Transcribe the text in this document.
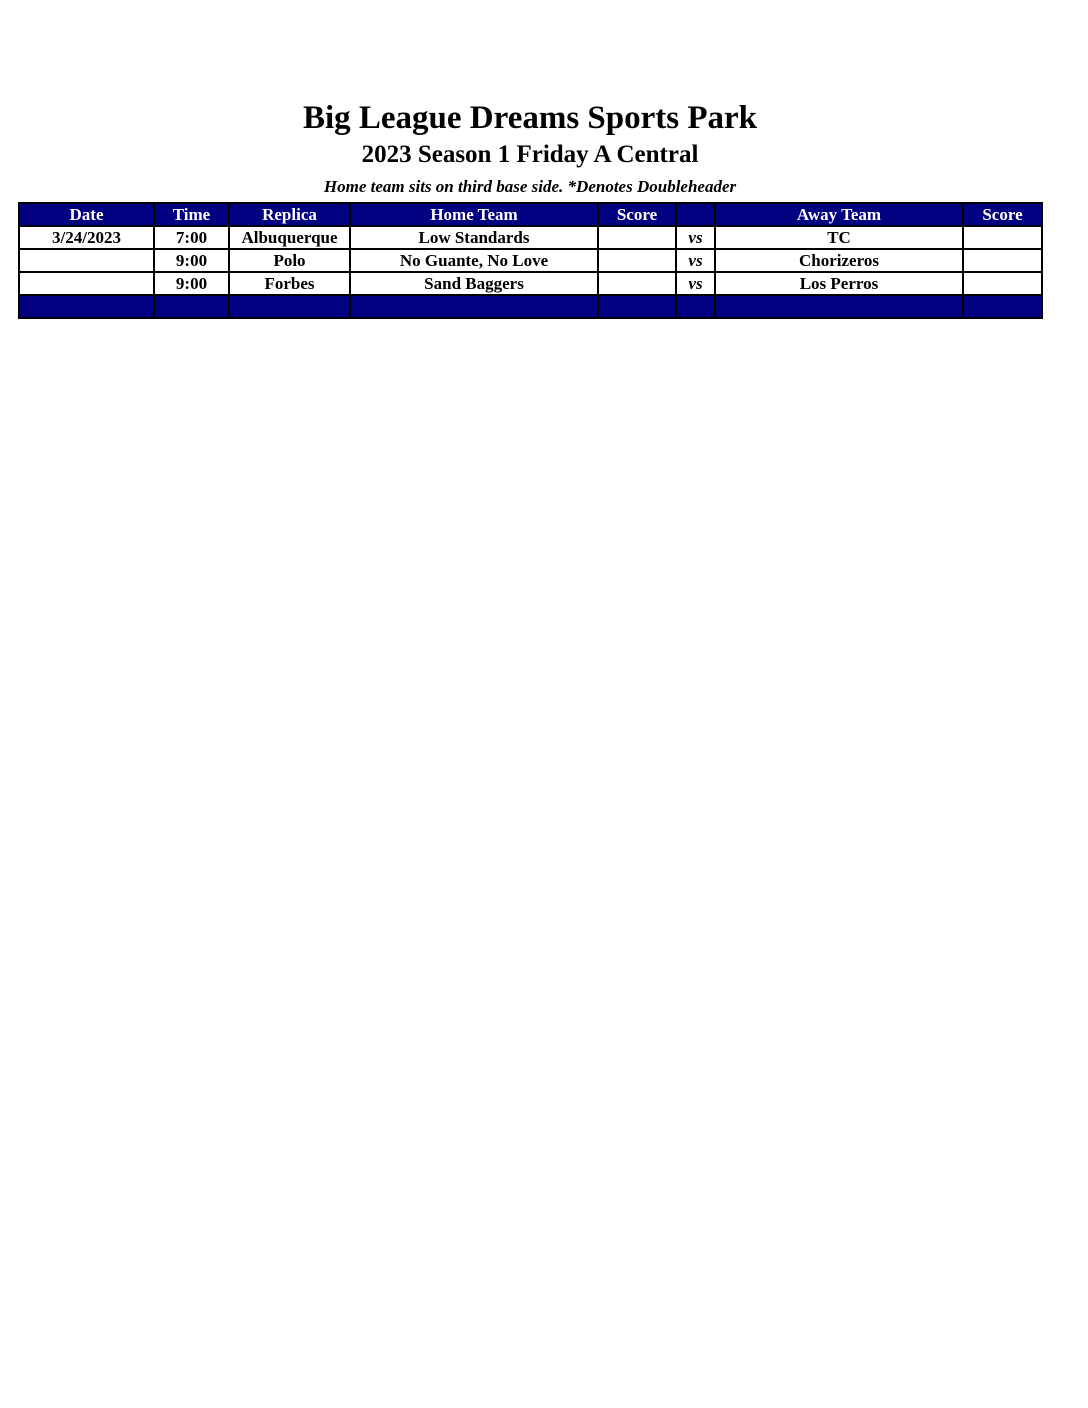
Big League Dreams Sports Park
2023 Season 1 Friday A Central

Home team sits on third base side. *Denotes Doubleheader

Date	Time	Replica	Home Team	Score		Away Team	Score
3/24/2023	7:00	Albuquerque	Low Standards		vs	TC	
	9:00	Polo	No Guante, No Love		vs	Chorizeros	
	9:00	Forbes	Sand Baggers		vs	Los Perros	
